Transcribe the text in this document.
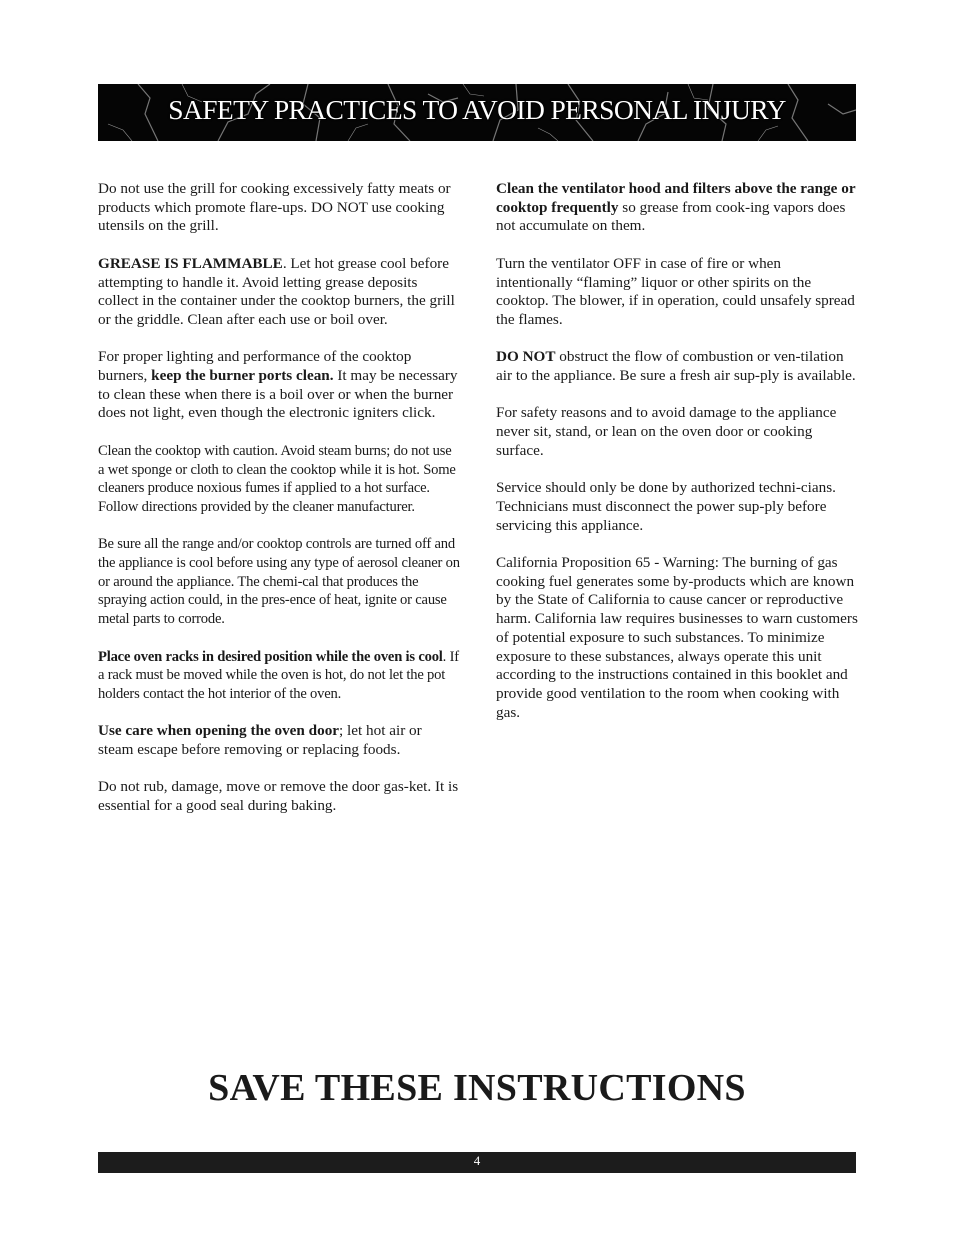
SAFETY PRACTICES TO AVOID PERSONAL INJURY

Do not use the grill for cooking excessively fatty meats or products which promote flare-ups. DO NOT use cooking utensils on the grill.

GREASE IS FLAMMABLE. Let hot grease cool before attempting to handle it. Avoid letting grease deposits collect in the container under the cooktop burners, the grill or the griddle. Clean after each use or boil over.

For proper lighting and performance of the cooktop burners, keep the burner ports clean. It may be necessary to clean these when there is a boil over or when the burner does not light, even though the electronic igniters click.

Clean the cooktop with caution. Avoid steam burns; do not use a wet sponge or cloth to clean the cooktop while it is hot. Some cleaners produce noxious fumes if applied to a hot surface. Follow directions provided by the cleaner manufacturer.

Be sure all the range and/or cooktop controls are turned off and the appliance is cool before using any type of aerosol cleaner on or around the appliance. The chemi-cal that produces the spraying action could, in the pres-ence of heat, ignite or cause metal parts to corrode.

Place oven racks in desired position while the oven is cool. If a rack must be moved while the oven is hot, do not let the pot holders contact the hot interior of the oven.

Use care when opening the oven door; let hot air or steam escape before removing or replacing foods.

Do not rub, damage, move or remove the door gas-ket. It is essential for a good seal during baking.

Clean the ventilator hood and filters above the range or cooktop frequently so grease from cook-ing vapors does not accumulate on them.

Turn the ventilator OFF in case of fire or when intentionally “flaming” liquor or other spirits on the cooktop. The blower, if in operation, could unsafely spread the flames.

DO NOT obstruct the flow of combustion or ven-tilation air to the appliance. Be sure a fresh air sup-ply is available.

For safety reasons and to avoid damage to the appliance never sit, stand, or lean on the oven door or cooking surface.

Service should only be done by authorized techni-cians. Technicians must disconnect the power sup-ply before servicing this appliance.

California Proposition 65 - Warning: The burning of gas cooking fuel generates some by-products which are known by the State of California to cause cancer or reproductive harm. California law requires businesses to warn customers of potential exposure to such substances. To minimize exposure to these substances, always operate this unit according to the instructions contained in this booklet and provide good ventilation to the room when cooking with gas.

SAVE THESE INSTRUCTIONS
4
